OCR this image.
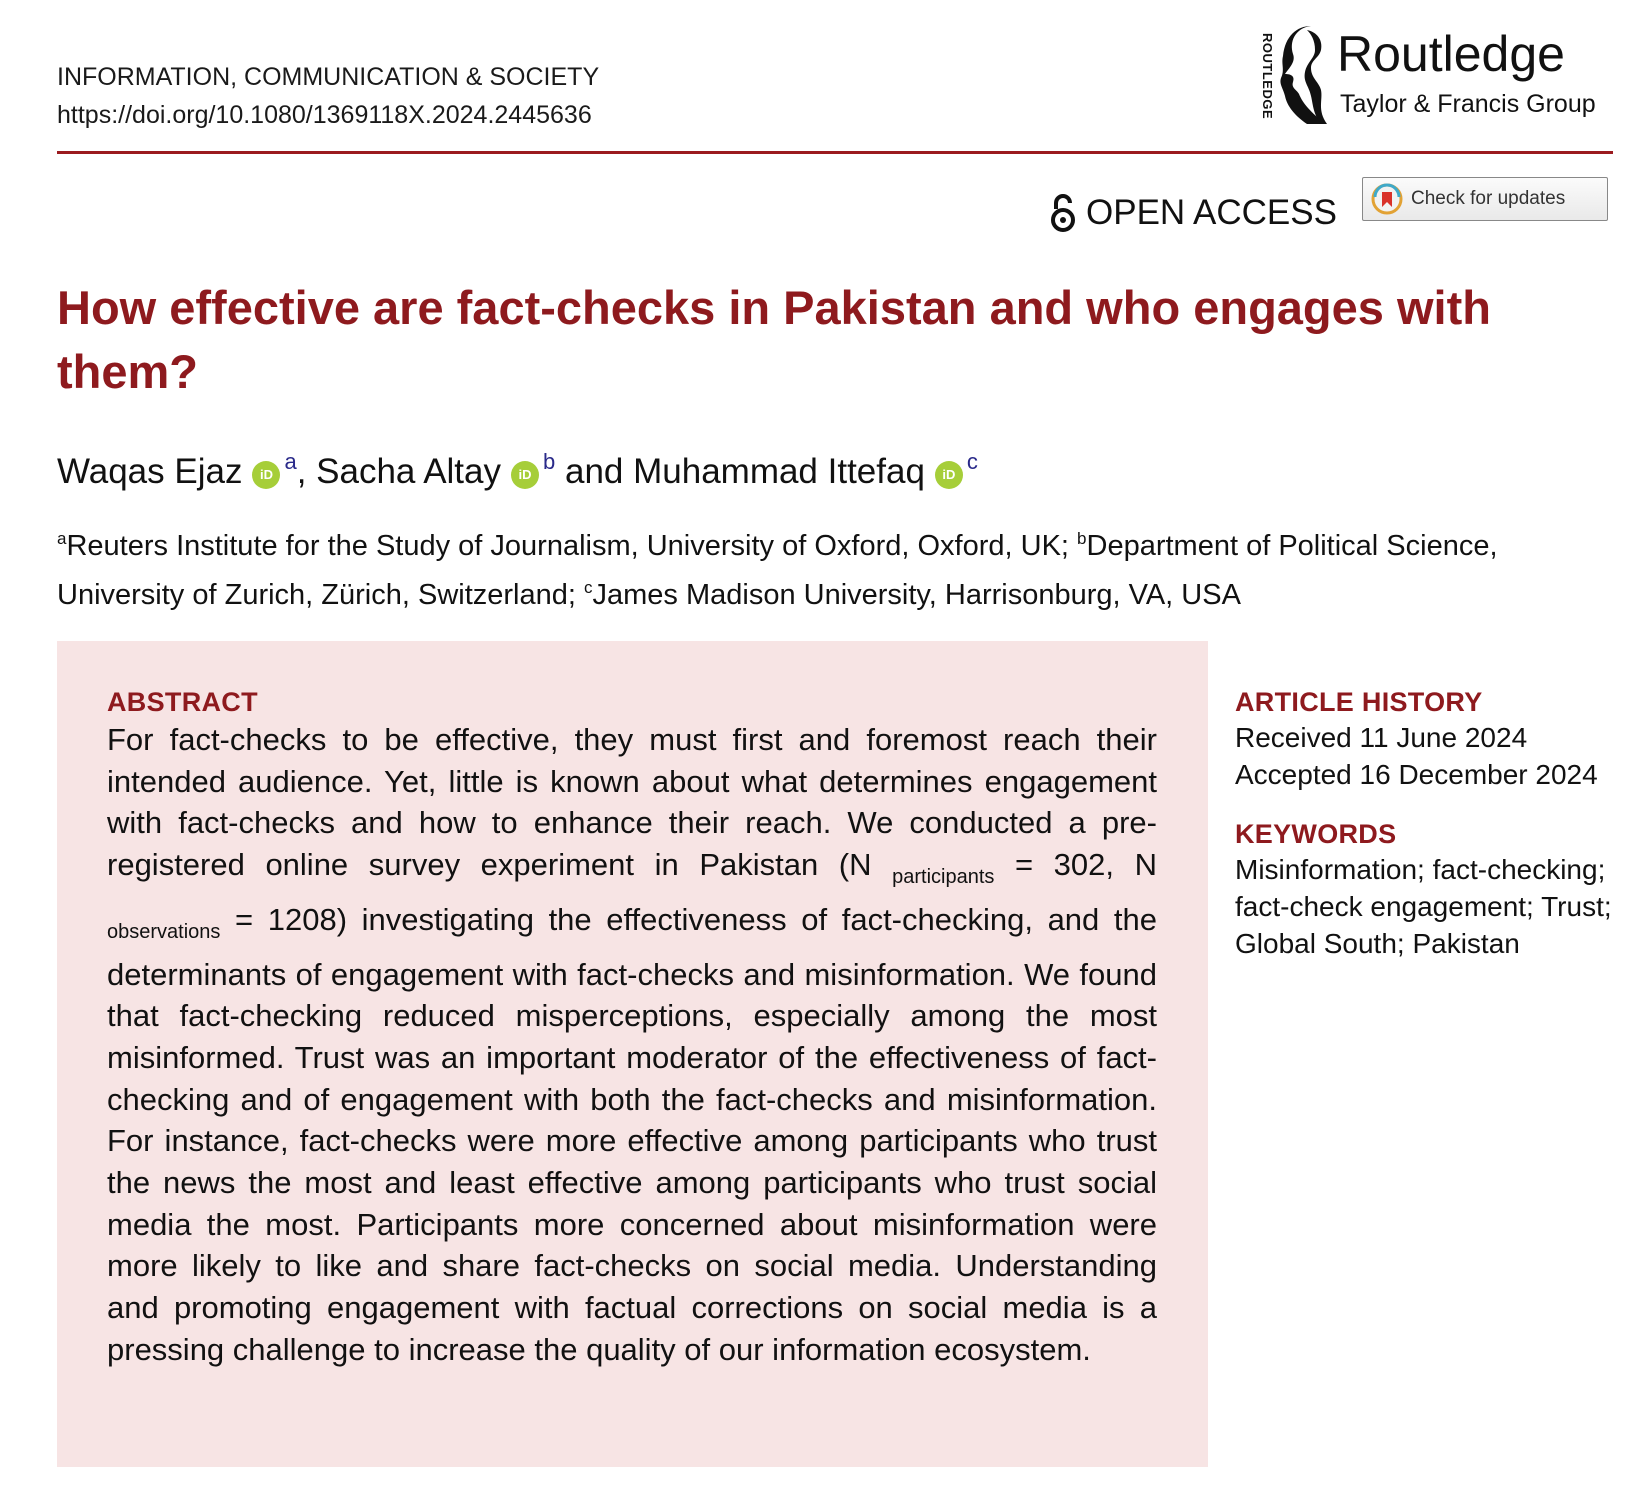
INFORMATION, COMMUNICATION & SOCIETY
https://doi.org/10.1080/1369118X.2024.2445636	ROUTLEDGE Routledge
Taylor & Francis Group
OPEN ACCESS	Check for updates
How effective are fact-checks in Pakistan and who engages with them?
Waqas Ejaz iD$^a$, Sacha Altay iD$^b$ and Muhammad Ittefaq iD$^c$
$^a$Reuters Institute for the Study of Journalism, University of Oxford, Oxford, UK; $^b$Department of Political Science, University of Zurich, Zürich, Switzerland; $^c$James Madison University, Harrisonburg, VA, USA
ABSTRACT
For fact-checks to be effective, they must first and foremost reach their intended audience. Yet, little is known about what determines engagement with fact-checks and how to enhance their reach. We conducted a pre-registered online survey experiment in Pakistan (N $_{participants}$ = 302, N $_{observations}$ = 1208) investigating the effectiveness of fact-checking, and the determinants of engagement with fact-checks and misinformation. We found that fact-checking reduced misperceptions, especially among the most misinformed. Trust was an important moderator of the effectiveness of fact-checking and of engagement with both the fact-checks and misinformation. For instance, fact-checks were more effective among participants who trust the news the most and least effective among participants who trust social media the most. Participants more concerned about misinformation were more likely to like and share fact-checks on social media. Understanding and promoting engagement with factual corrections on social media is a pressing challenge to increase the quality of our information ecosystem.
ARTICLE HISTORY
Received 11 June 2024
Accepted 16 December 2024
KEYWORDS
Misinformation; fact-checking; fact-check engagement; Trust; Global South; Pakistan
